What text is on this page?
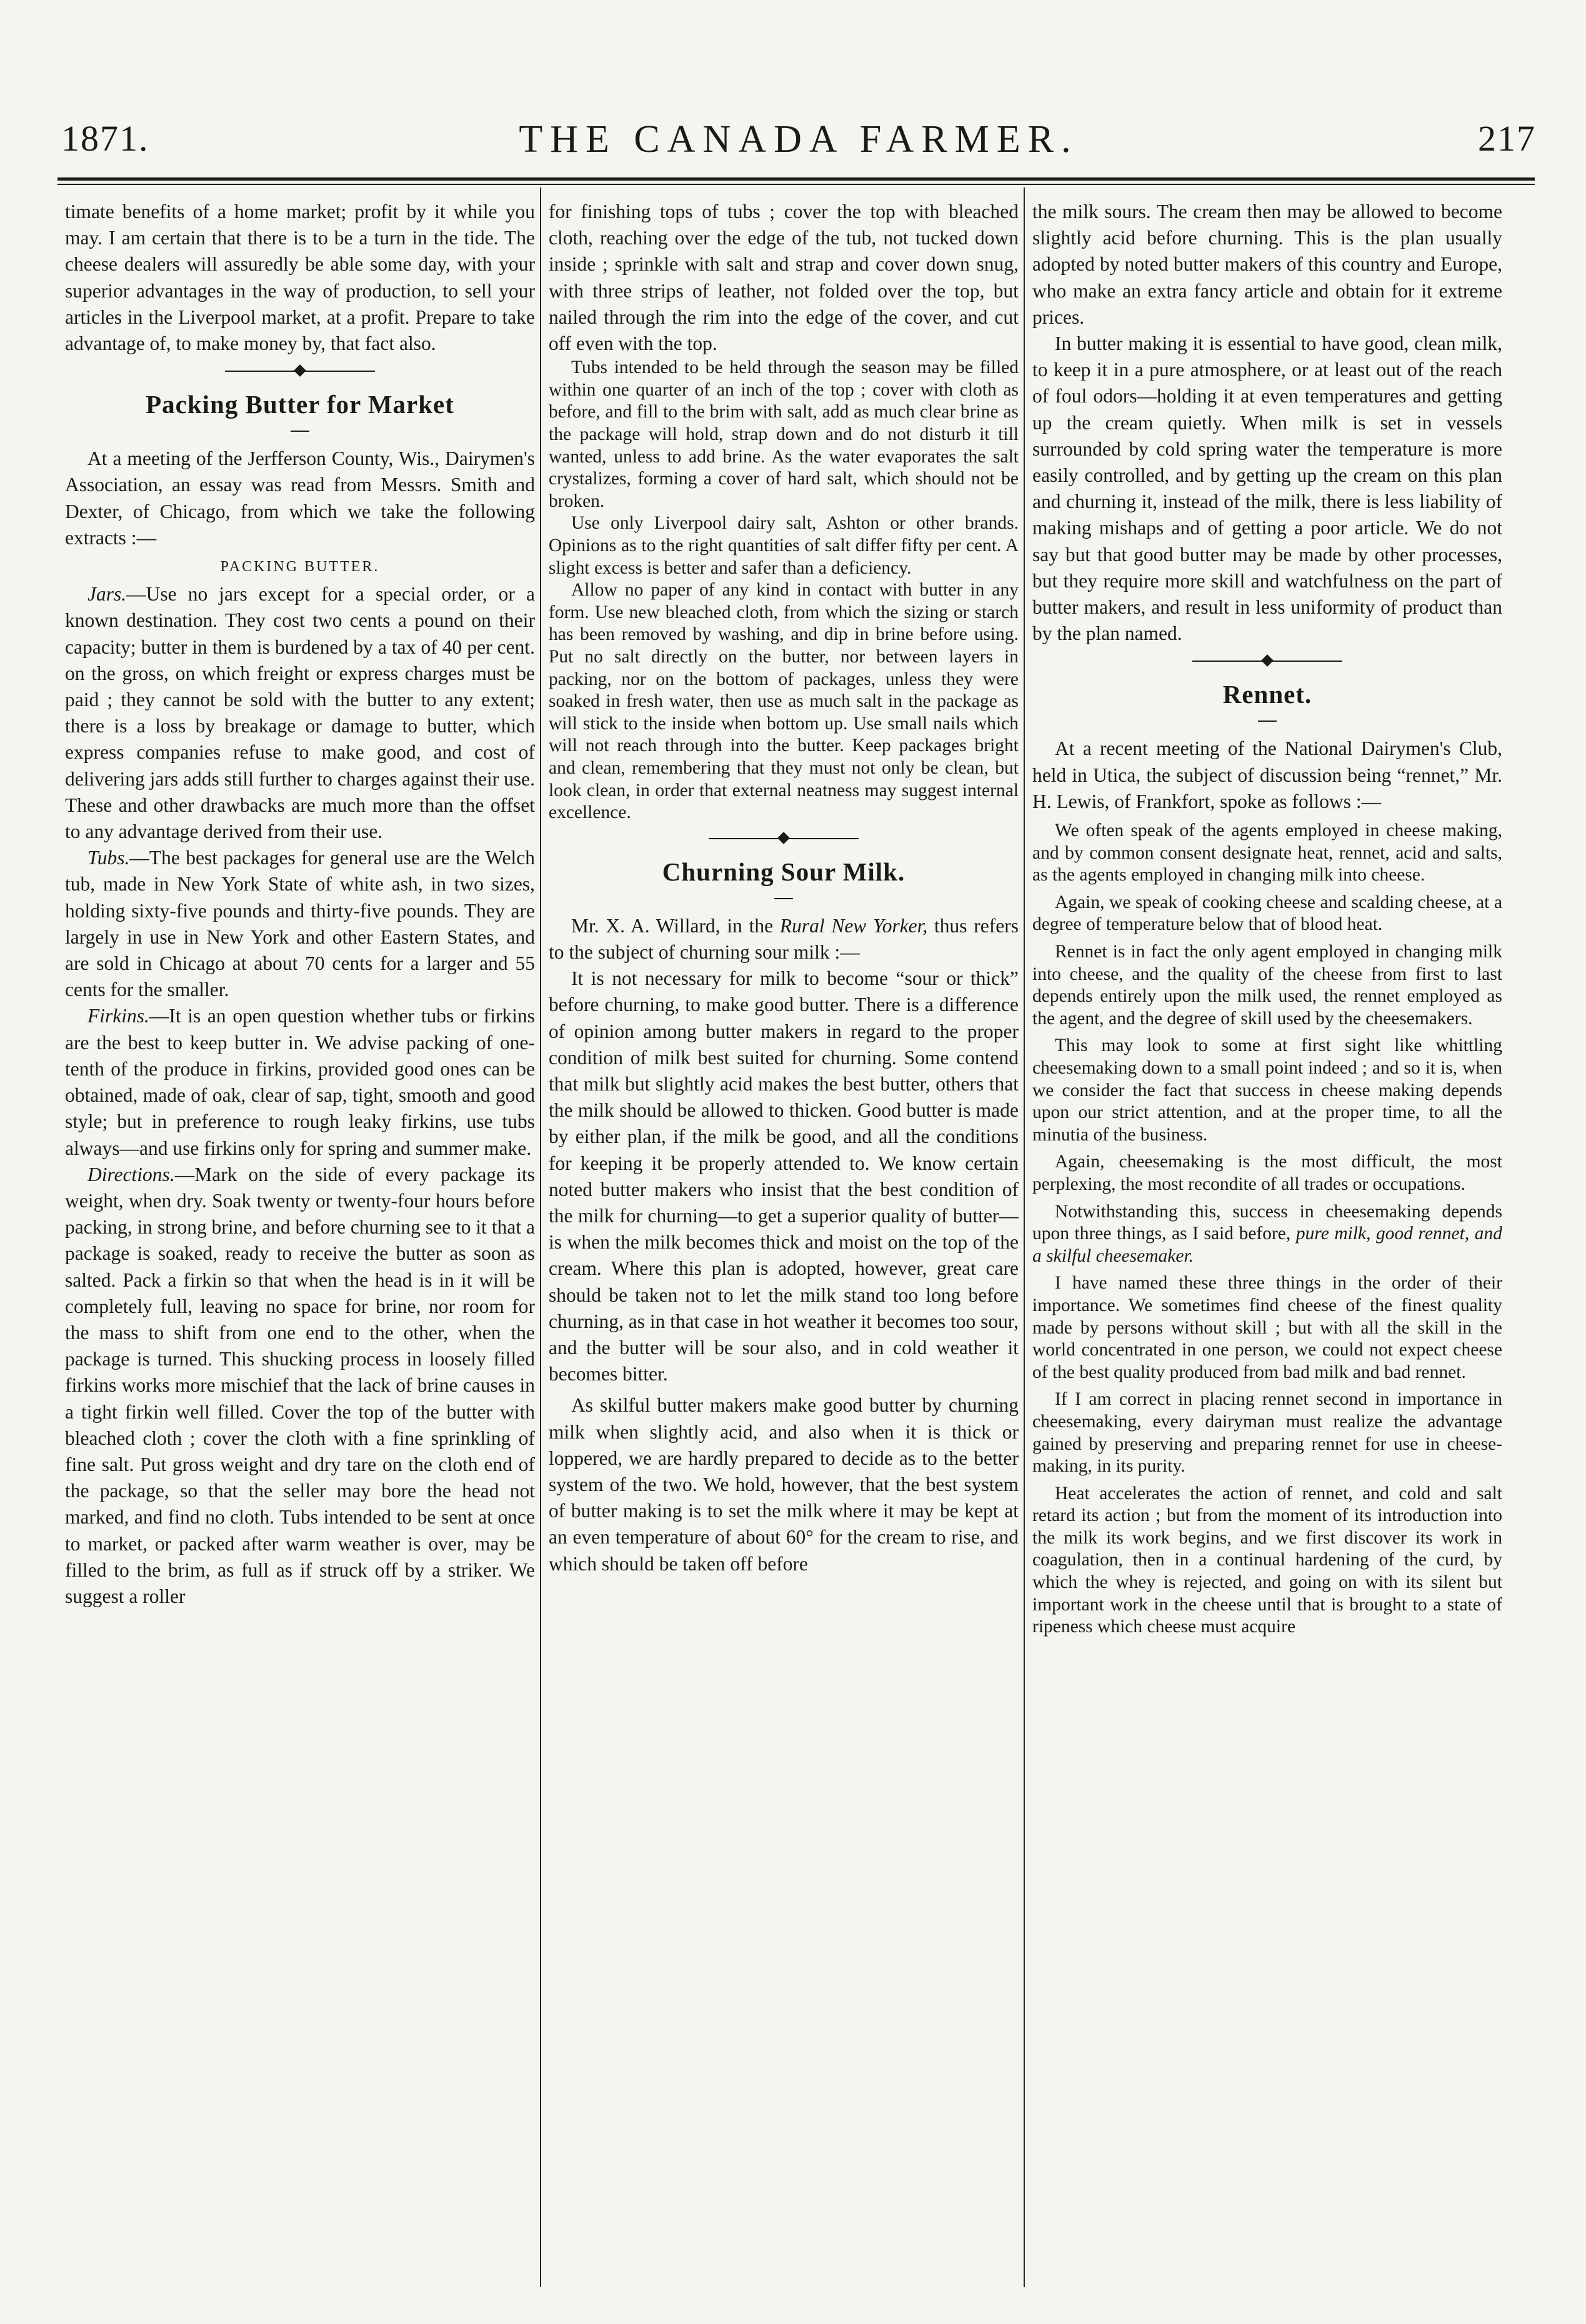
1871.	THE CANADA FARMER.	217

timate benefits of a home market; profit by it while you may. I am certain that there is to be a turn in the tide. The cheese dealers will assuredly be able some day, with your superior advantages in the way of production, to sell your articles in the Liverpool market, at a profit. Prepare to take advantage of, to make money by, that fact also.

Packing Butter for Market

At a meeting of the Jerfferson County, Wis., Dairymen's Association, an essay was read from Messrs. Smith and Dexter, of Chicago, from which we take the following extracts :—

PACKING BUTTER.

Jars.—Use no jars except for a special order, or a known destination. They cost two cents a pound on their capacity; butter in them is burdened by a tax of 40 per cent. on the gross, on which freight or express charges must be paid ; they cannot be sold with the butter to any extent; there is a loss by breakage or damage to butter, which express companies refuse to make good, and cost of delivering jars adds still further to charges against their use. These and other drawbacks are much more than the offset to any advantage derived from their use.

Tubs.—The best packages for general use are the Welch tub, made in New York State of white ash, in two sizes, holding sixty-five pounds and thirty-five pounds. They are largely in use in New York and other Eastern States, and are sold in Chicago at about 70 cents for a larger and 55 cents for the smaller.

Firkins.—It is an open question whether tubs or firkins are the best to keep butter in. We advise packing of one-tenth of the produce in firkins, provided good ones can be obtained, made of oak, clear of sap, tight, smooth and good style; but in preference to rough leaky firkins, use tubs always—and use firkins only for spring and summer make.

Directions.—Mark on the side of every package its weight, when dry. Soak twenty or twenty-four hours before packing, in strong brine, and before churning see to it that a package is soaked, ready to receive the butter as soon as salted. Pack a firkin so that when the head is in it will be completely full, leaving no space for brine, nor room for the mass to shift from one end to the other, when the package is turned. This shucking process in loosely filled firkins works more mischief that the lack of brine causes in a tight firkin well filled. Cover the top of the butter with bleached cloth ; cover the cloth with a fine sprinkling of fine salt. Put gross weight and dry tare on the cloth end of the package, so that the seller may bore the head not marked, and find no cloth. Tubs intended to be sent at once to market, or packed after warm weather is over, may be filled to the brim, as full as if struck off by a striker. We suggest a roller

for finishing tops of tubs ; cover the top with bleached cloth, reaching over the edge of the tub, not tucked down inside ; sprinkle with salt and strap and cover down snug, with three strips of leather, not folded over the top, but nailed through the rim into the edge of the cover, and cut off even with the top.

Tubs intended to be held through the season may be filled within one quarter of an inch of the top ; cover with cloth as before, and fill to the brim with salt, add as much clear brine as the package will hold, strap down and do not disturb it till wanted, unless to add brine. As the water evaporates the salt crystalizes, forming a cover of hard salt, which should not be broken.

Use only Liverpool dairy salt, Ashton or other brands. Opinions as to the right quantities of salt differ fifty per cent. A slight excess is better and safer than a deficiency.

Allow no paper of any kind in contact with butter in any form. Use new bleached cloth, from which the sizing or starch has been removed by washing, and dip in brine before using. Put no salt directly on the butter, nor between layers in packing, nor on the bottom of packages, unless they were soaked in fresh water, then use as much salt in the package as will stick to the inside when bottom up. Use small nails which will not reach through into the butter. Keep packages bright and clean, remembering that they must not only be clean, but look clean, in order that external neatness may suggest internal excellence.

Churning Sour Milk.

Mr. X. A. Willard, in the Rural New Yorker, thus refers to the subject of churning sour milk :—

It is not necessary for milk to become “sour or thick” before churning, to make good butter. There is a difference of opinion among butter makers in regard to the proper condition of milk best suited for churning. Some contend that milk but slightly acid makes the best butter, others that the milk should be allowed to thicken. Good butter is made by either plan, if the milk be good, and all the conditions for keeping it be properly attended to. We know certain noted butter makers who insist that the best condition of the milk for churning—to get a superior quality of butter—is when the milk becomes thick and moist on the top of the cream. Where this plan is adopted, however, great care should be taken not to let the milk stand too long before churning, as in that case in hot weather it becomes too sour, and the butter will be sour also, and in cold weather it becomes bitter.

As skilful butter makers make good butter by churning milk when slightly acid, and also when it is thick or loppered, we are hardly prepared to decide as to the better system of the two. We hold, however, that the best system of butter making is to set the milk where it may be kept at an even temperature of about 60° for the cream to rise, and which should be taken off before

the milk sours. The cream then may be allowed to become slightly acid before churning. This is the plan usually adopted by noted butter makers of this country and Europe, who make an extra fancy article and obtain for it extreme prices.

In butter making it is essential to have good, clean milk, to keep it in a pure atmosphere, or at least out of the reach of foul odors—holding it at even temperatures and getting up the cream quietly. When milk is set in vessels surrounded by cold spring water the temperature is more easily controlled, and by getting up the cream on this plan and churning it, instead of the milk, there is less liability of making mishaps and of getting a poor article. We do not say but that good butter may be made by other processes, but they require more skill and watchfulness on the part of butter makers, and result in less uniformity of product than by the plan named.

Rennet.

At a recent meeting of the National Dairymen's Club, held in Utica, the subject of discussion being “rennet,” Mr. H. Lewis, of Frankfort, spoke as follows :—

We often speak of the agents employed in cheese making, and by common consent designate heat, rennet, acid and salts, as the agents employed in changing milk into cheese.

Again, we speak of cooking cheese and scalding cheese, at a degree of temperature below that of blood heat.

Rennet is in fact the only agent employed in changing milk into cheese, and the quality of the cheese from first to last depends entirely upon the milk used, the rennet employed as the agent, and the degree of skill used by the cheesemakers.

This may look to some at first sight like whittling cheesemaking down to a small point indeed ; and so it is, when we consider the fact that success in cheese making depends upon our strict attention, and at the proper time, to all the minutia of the business.

Again, cheesemaking is the most difficult, the most perplexing, the most recondite of all trades or occupations.

Notwithstanding this, success in cheesemaking depends upon three things, as I said before, pure milk, good rennet, and a skilful cheesemaker.

I have named these three things in the order of their importance. We sometimes find cheese of the finest quality made by persons without skill ; but with all the skill in the world concentrated in one person, we could not expect cheese of the best quality produced from bad milk and bad rennet.

If I am correct in placing rennet second in importance in cheesemaking, every dairyman must realize the advantage gained by preserving and preparing rennet for use in cheese-making, in its purity.

Heat accelerates the action of rennet, and cold and salt retard its action ; but from the moment of its introduction into the milk its work begins, and we first discover its work in coagulation, then in a continual hardening of the curd, by which the whey is rejected, and going on with its silent but important work in the cheese until that is brought to a state of ripeness which cheese must acquire
